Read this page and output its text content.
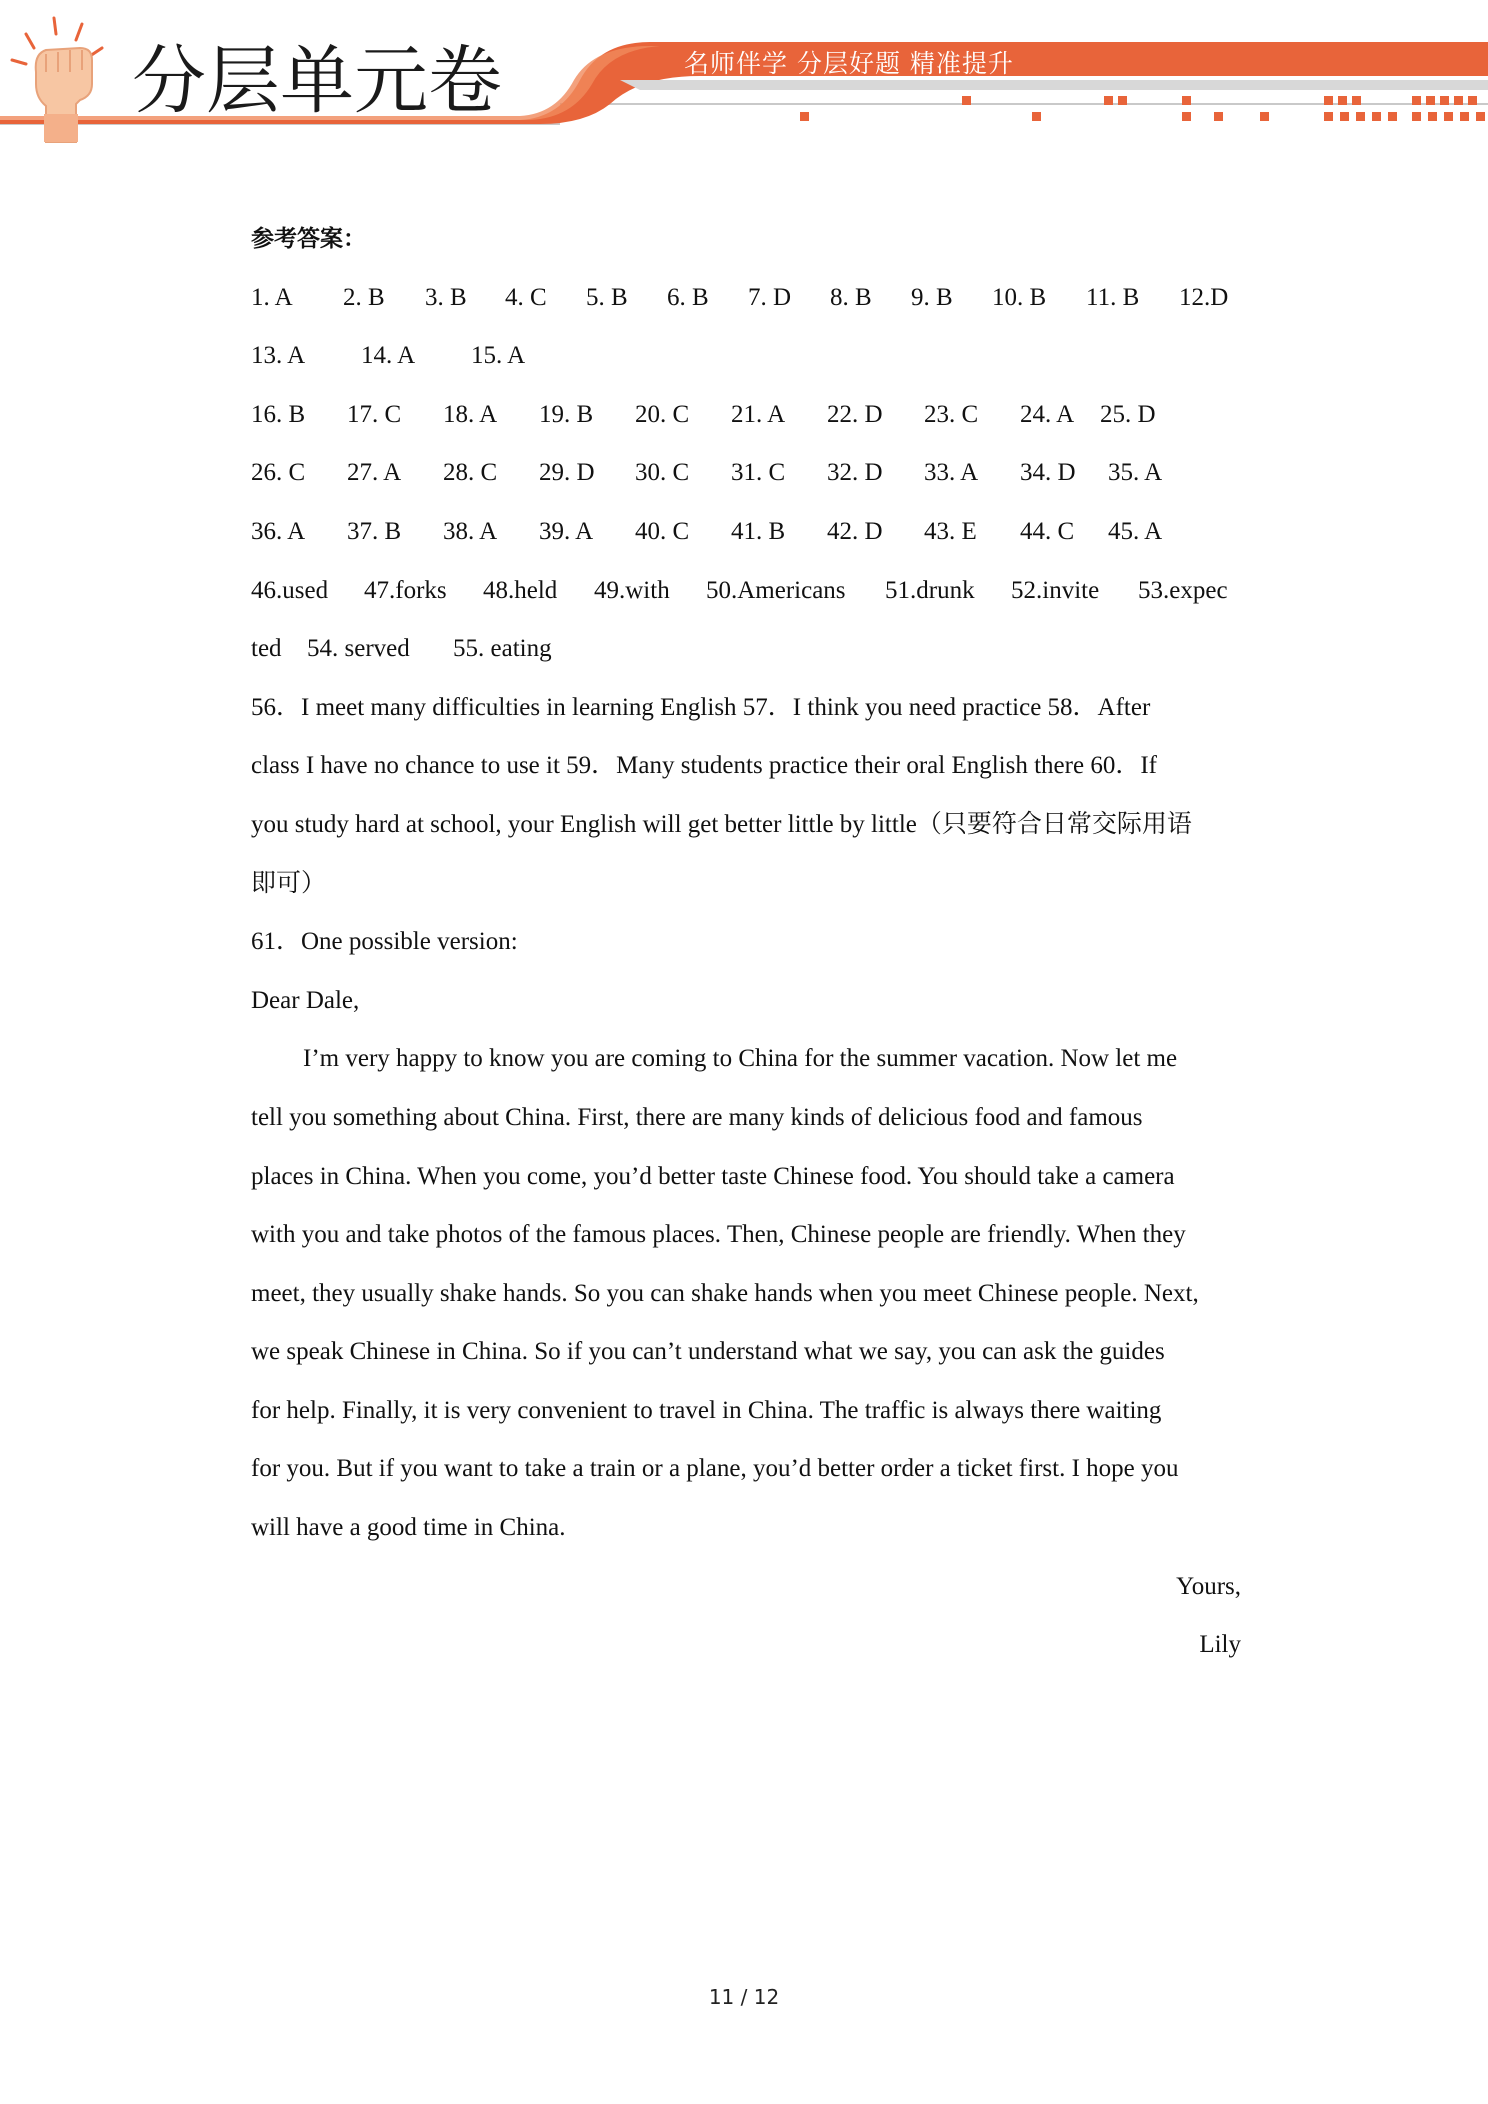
分层单元卷	名师伴学 分层好题 精准提升

参考答案：

1. A	2. B	3. B	4. C	5. B	6. B	7. D	8. B	9. B	10. B	11. B	12.D

13. A	14. A	15. A

16. B	17. C	18. A	19. B	20. C	21. A	22. D	23. C	24. A	25. D

26. C	27. A	28. C	29. D	30. C	31. C	32. D	33. A	34. D	35. A

36. A	37. B	38. A	39. A	40. C	41. B	42. D	43. E	44. C	45. A

46.used	47.forks	48.held	49.with	50.Americans	51.drunk	52.invite	53.expec

ted	54. served	55. eating

56．I meet many difficulties in learning English 57．I think you need practice 58．After

class I have no chance to use it 59．Many students practice their oral English there 60．If

you study hard at school, your English will get better little by little（只要符合日常交际用语

即可）

61．One possible version:

Dear Dale,

I’m very happy to know you are coming to China for the summer vacation. Now let me

tell you something about China. First, there are many kinds of delicious food and famous

places in China. When you come, you’d better taste Chinese food. You should take a camera

with you and take photos of the famous places. Then, Chinese people are friendly. When they

meet, they usually shake hands. So you can shake hands when you meet Chinese people. Next,

we speak Chinese in China. So if you can’t understand what we say, you can ask the guides

for help. Finally, it is very convenient to travel in China. The traffic is always there waiting

for you. But if you want to take a train or a plane, you’d better order a ticket first. I hope you

will have a good time in China.

Yours,

Lily

11 / 12
